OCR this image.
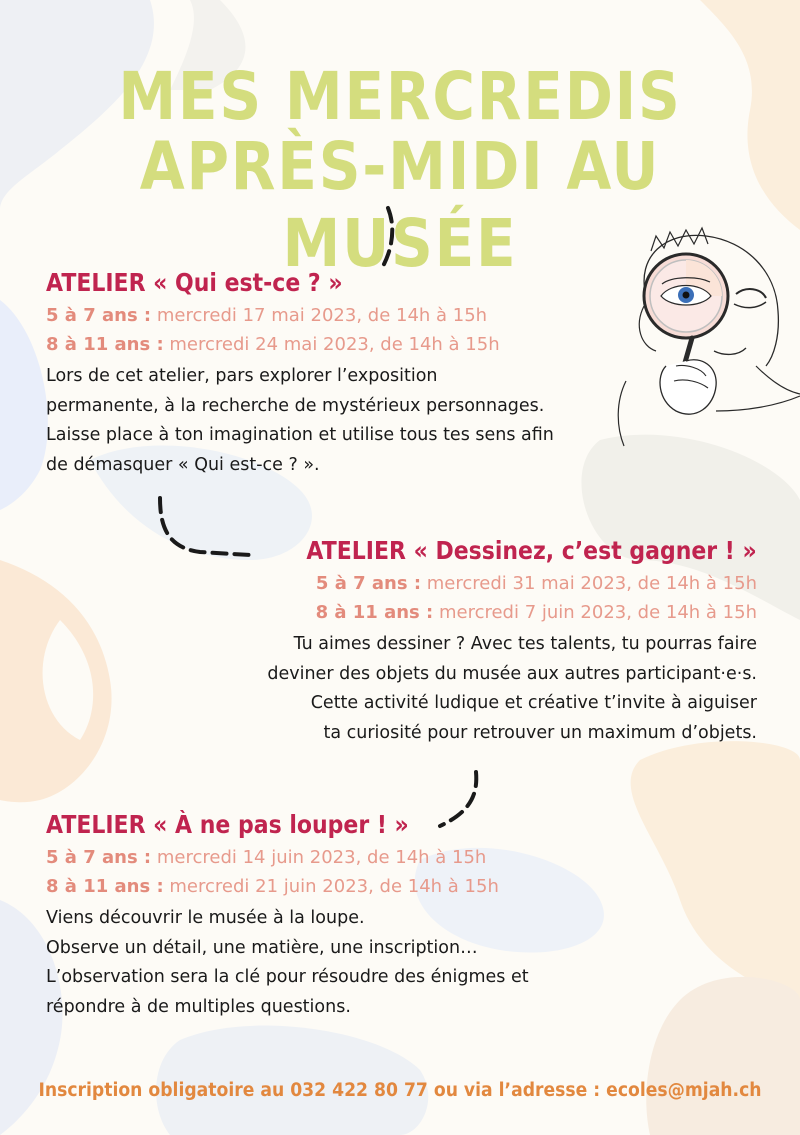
MES MERCREDIS
APRÈS-MIDI AU MUSÉE
ATELIER « Qui est-ce ? »
5 à 7 ans : mercredi 17 mai 2023, de 14h à 15h
8 à 11 ans : mercredi 24 mai 2023, de 14h à 15h
Lors de cet atelier, pars explorer l’exposition
permanente, à la recherche de mystérieux personnages.
Laisse place à ton imagination et utilise tous tes sens afin
de démasquer « Qui est-ce ? ».
ATELIER « Dessinez, c’est gagner ! »
5 à 7 ans : mercredi 31 mai 2023, de 14h à 15h
8 à 11 ans : mercredi 7 juin 2023, de 14h à 15h
Tu aimes dessiner ? Avec tes talents, tu pourras faire
deviner des objets du musée aux autres participant·e·s.
Cette activité ludique et créative t’invite à aiguiser
ta curiosité pour retrouver un maximum d’objets.
ATELIER « À ne pas louper ! »
5 à 7 ans : mercredi 14 juin 2023, de 14h à 15h
8 à 11 ans : mercredi 21 juin 2023, de 14h à 15h
Viens découvrir le musée à la loupe.
Observe un détail, une matière, une inscription…
L’observation sera la clé pour résoudre des énigmes et
répondre à de multiples questions.
Inscription obligatoire au 032 422 80 77 ou via l’adresse : ecoles@mjah.ch
